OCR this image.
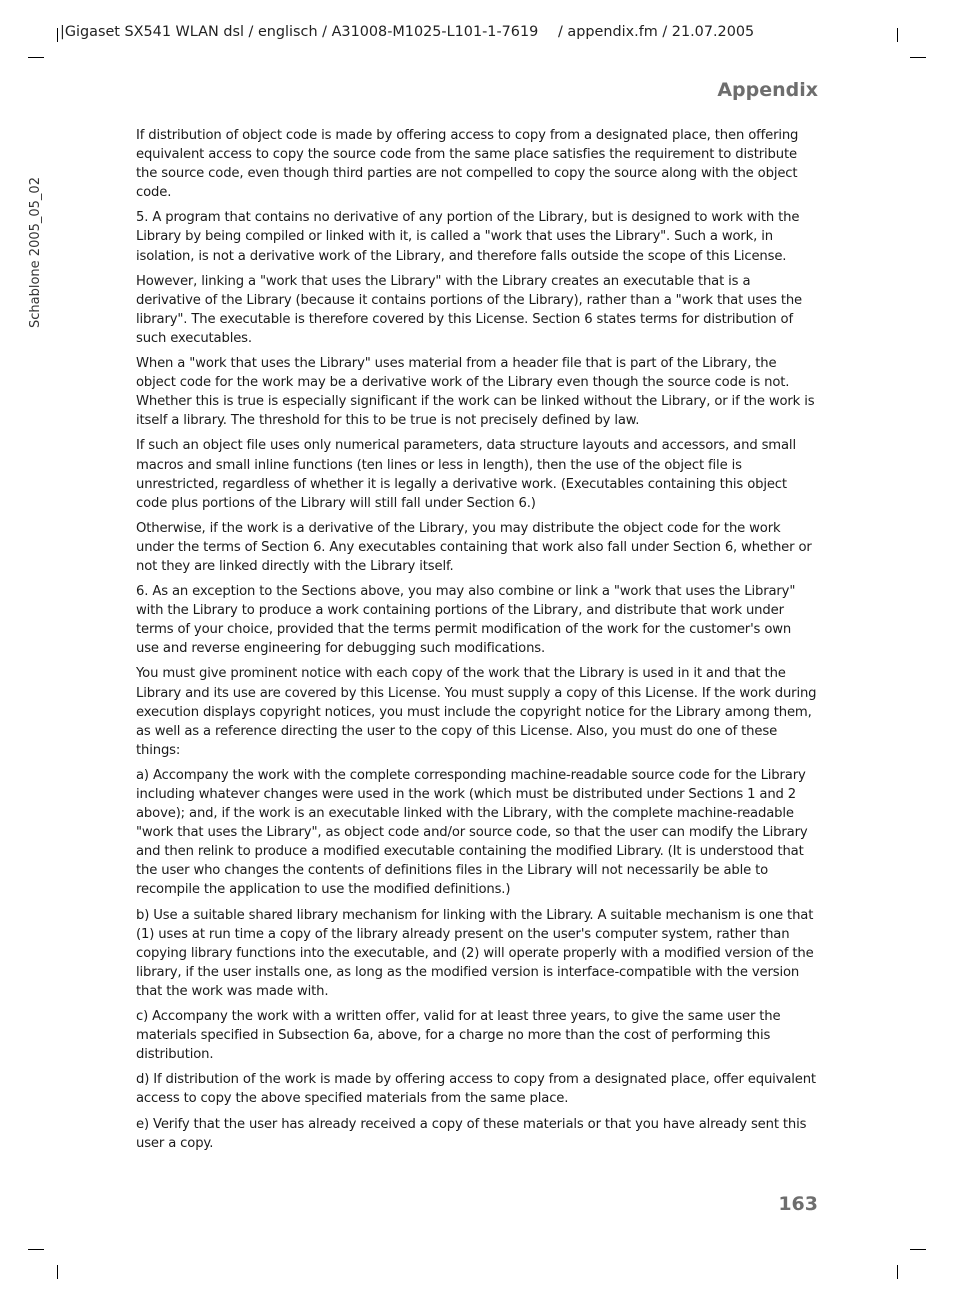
|Gigaset SX541 WLAN dsl / englisch / A31008-M1025-L101-1-7619 / appendix.fm / 21.07.2005
Schablone 2005_05_02
Appendix

If distribution of object code is made by offering access to copy from a designated place, then offering equivalent access to copy the source code from the same place satisfies the requirement to distribute the source code, even though third parties are not compelled to copy the source along with the object code.

5. A program that contains no derivative of any portion of the Library, but is designed to work with the Library by being compiled or linked with it, is called a "work that uses the Library". Such a work, in isolation, is not a derivative work of the Library, and therefore falls outside the scope of this License.

However, linking a "work that uses the Library" with the Library creates an executable that is a derivative of the Library (because it contains portions of the Library), rather than a "work that uses the library". The executable is therefore covered by this License. Section 6 states terms for distribution of such executables.

When a "work that uses the Library" uses material from a header file that is part of the Library, the object code for the work may be a derivative work of the Library even though the source code is not. Whether this is true is especially significant if the work can be linked without the Library, or if the work is itself a library. The threshold for this to be true is not precisely defined by law.

If such an object file uses only numerical parameters, data structure layouts and accessors, and small macros and small inline functions (ten lines or less in length), then the use of the object file is unrestricted, regardless of whether it is legally a derivative work. (Executables containing this object code plus portions of the Library will still fall under Section 6.)

Otherwise, if the work is a derivative of the Library, you may distribute the object code for the work under the terms of Section 6. Any executables containing that work also fall under Section 6, whether or not they are linked directly with the Library itself.

6. As an exception to the Sections above, you may also combine or link a "work that uses the Library" with the Library to produce a work containing portions of the Library, and distribute that work under terms of your choice, provided that the terms permit modification of the work for the customer's own use and reverse engineering for debugging such modifications.

You must give prominent notice with each copy of the work that the Library is used in it and that the Library and its use are covered by this License. You must supply a copy of this License. If the work during execution displays copyright notices, you must include the copyright notice for the Library among them, as well as a reference directing the user to the copy of this License. Also, you must do one of these things:

a) Accompany the work with the complete corresponding machine-readable source code for the Library including whatever changes were used in the work (which must be distributed under Sections 1 and 2 above); and, if the work is an executable linked with the Library, with the complete machine-readable "work that uses the Library", as object code and/or source code, so that the user can modify the Library and then relink to produce a modified executable containing the modified Library. (It is understood that the user who changes the contents of definitions files in the Library will not necessarily be able to recompile the application to use the modified definitions.)

b) Use a suitable shared library mechanism for linking with the Library. A suitable mechanism is one that (1) uses at run time a copy of the library already present on the user's computer system, rather than copying library functions into the executable, and (2) will operate properly with a modified version of the library, if the user installs one, as long as the modified version is interface-compatible with the version that the work was made with.

c) Accompany the work with a written offer, valid for at least three years, to give the same user the materials specified in Subsection 6a, above, for a charge no more than the cost of performing this distribution.

d) If distribution of the work is made by offering access to copy from a designated place, offer equivalent access to copy the above specified materials from the same place.

e) Verify that the user has already received a copy of these materials or that you have already sent this user a copy.

163
